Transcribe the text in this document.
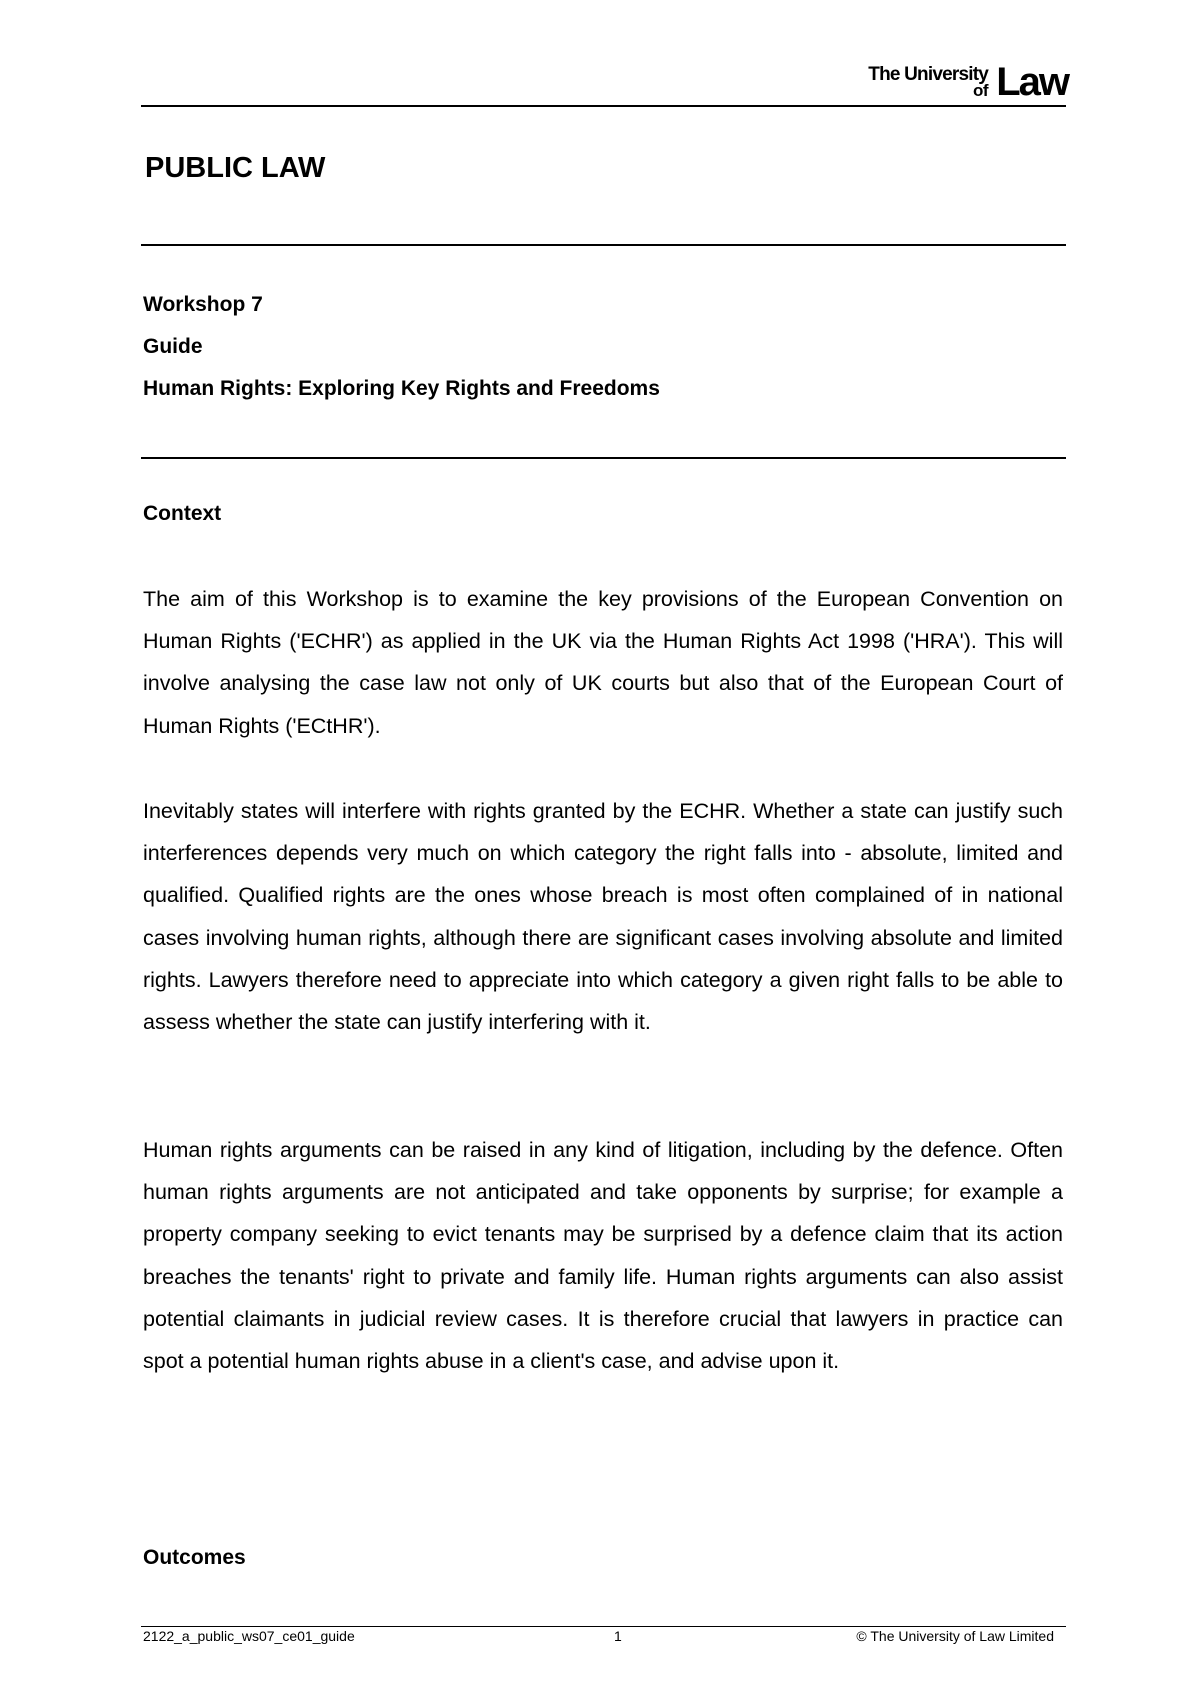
The University
of Law
PUBLIC LAW
Workshop 7
Guide
Human Rights: Exploring Key Rights and Freedoms
Context

The aim of this Workshop is to examine the key provisions of the European Convention on Human Rights ('ECHR') as applied in the UK via the Human Rights Act 1998 ('HRA'). This will involve analysing the case law not only of UK courts but also that of the European Court of Human Rights ('ECtHR').

Inevitably states will interfere with rights granted by the ECHR. Whether a state can justify such interferences depends very much on which category the right falls into - absolute, limited and qualified. Qualified rights are the ones whose breach is most often complained of in national cases involving human rights, although there are significant cases involving absolute and limited rights. Lawyers therefore need to appreciate into which category a given right falls to be able to assess whether the state can justify interfering with it.

Human rights arguments can be raised in any kind of litigation, including by the defence. Often human rights arguments are not anticipated and take opponents by surprise; for example a property company seeking to evict tenants may be surprised by a defence claim that its action breaches the tenants' right to private and family life. Human rights arguments can also assist potential claimants in judicial review cases. It is therefore crucial that lawyers in practice can spot a potential human rights abuse in a client's case, and advise upon it.

Outcomes
2122_a_public_ws07_ce01_guide	1	© The University of Law Limited
